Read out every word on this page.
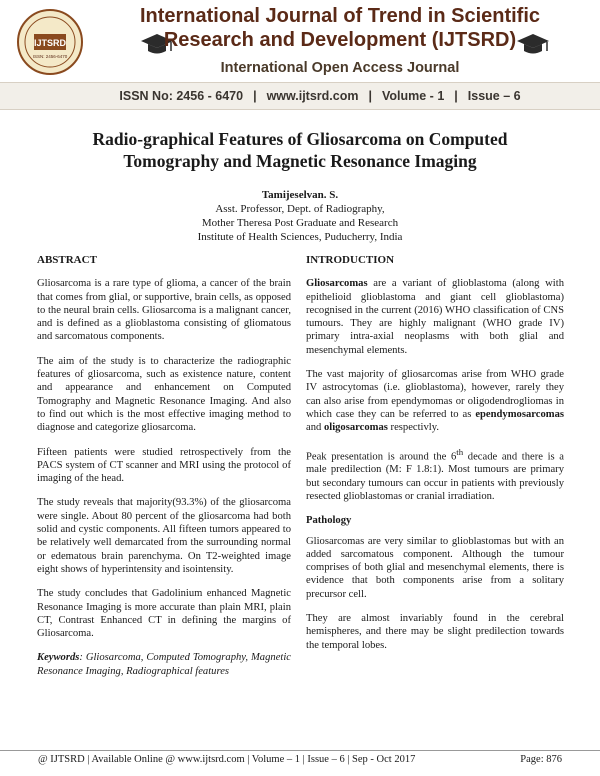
IJTSRD
ISSN: 2456-6470
International Journal of Trend in Scientific
Research and Development (IJTSRD)
International Open Access Journal
ISSN No: 2456 - 6470 | www.ijtsrd.com | Volume - 1 | Issue – 6
Radio-graphical Features of Gliosarcoma on Computed
Tomography and Magnetic Resonance Imaging
Tamijeselvan. S.
Asst. Professor, Dept. of Radiography,
Mother Theresa Post Graduate and Research
Institute of Health Sciences, Puducherry, India
ABSTRACT

Gliosarcoma is a rare type of glioma, a cancer of the brain that comes from glial, or supportive, brain cells, as opposed to the neural brain cells. Gliosarcoma is a malignant cancer, and is defined as a glioblastoma consisting of gliomatous and sarcomatous components.

The aim of the study is to characterize the radiographic features of gliosarcoma, such as existence nature, content and appearance and enhancement on Computed Tomography and Magnetic Resonance Imaging. And also to find out which is the most effective imaging method to diagnose and categorize gliosarcoma.

Fifteen patients were studied retrospectively from the PACS system of CT scanner and MRI using the protocol of imaging of the head.

The study reveals that majority(93.3%) of the gliosarcoma were single. About 80 percent of the gliosarcoma had both solid and cystic components. All fifteen tumors appeared to be relatively well demarcated from the surrounding normal or edematous brain parenchyma. On T2-weighted image eight shows of hyperintensity and isointensity.

The study concludes that Gadolinium enhanced Magnetic Resonance Imaging is more accurate than plain MRI, plain CT, Contrast Enhanced CT in defining the margins of Gliosarcoma.

Keywords: Gliosarcoma, Computed Tomography, Magnetic Resonance Imaging, Radiographical features

INTRODUCTION

Gliosarcomas are a variant of glioblastoma (along with epithelioid glioblastoma and giant cell glioblastoma) recognised in the current (2016) WHO classification of CNS tumours. They are highly malignant (WHO grade IV) primary intra-axial neoplasms with both glial and mesenchymal elements.

The vast majority of gliosarcomas arise from WHO grade IV astrocytomas (i.e. glioblastoma), however, rarely they can also arise from ependymomas or oligodendrogliomas in which case they can be referred to as ependymosarcomas and oligosarcomas respectivly.

Peak presentation is around the 6th decade and there is a male predilection (M: F 1.8:1). Most tumours are primary but secondary tumours can occur in patients with previously resected glioblastomas or cranial irradiation.

Pathology

Gliosarcomas are very similar to glioblastomas but with an added sarcomatous component. Although the tumour comprises of both glial and mesenchymal elements, there is evidence that both components arise from a solitary precursor cell.

They are almost invariably found in the cerebral hemispheres, and there may be slight predilection towards the temporal lobes.

@ IJTSRD | Available Online @ www.ijtsrd.com | Volume – 1 | Issue – 6 | Sep - Oct 2017	Page: 876
